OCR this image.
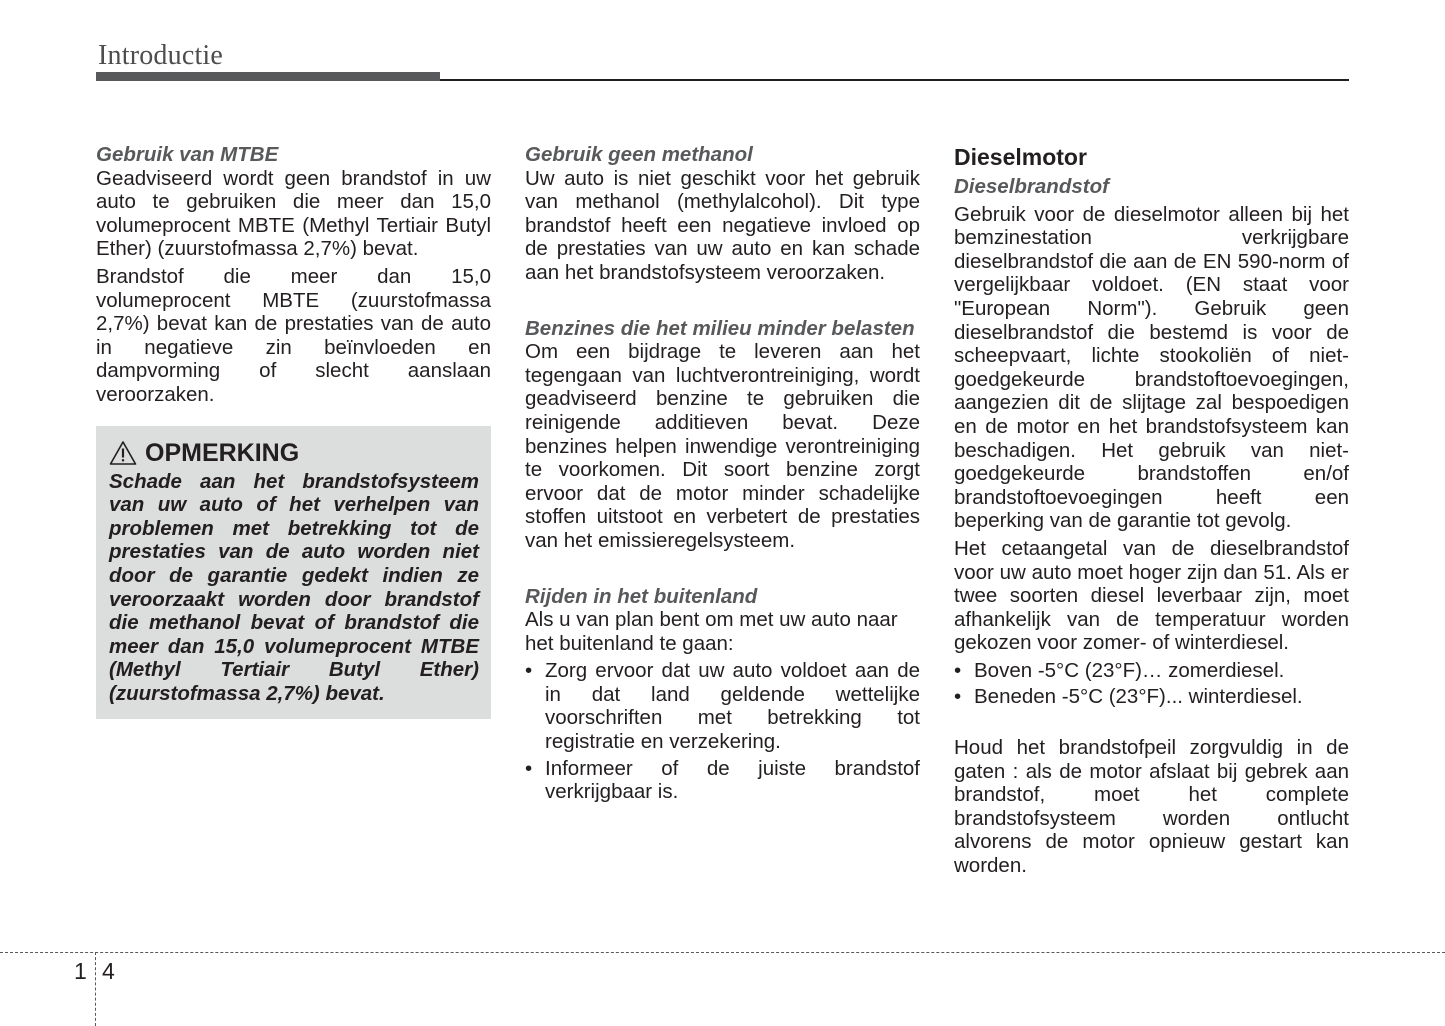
Introductie

Gebruik van MTBE

Geadviseerd wordt geen brandstof in uw auto te gebruiken die meer dan 15,0 volumeprocent MBTE (Methyl Tertiair Butyl Ether) (zuurstofmassa 2,7%) bevat.

Brandstof die meer dan 15,0 volumeprocent MBTE (zuurstofmassa 2,7%) bevat kan de prestaties van de auto in negatieve zin beïnvloeden en dampvorming of slecht aanslaan veroorzaken.

OPMERKING

Schade aan het brandstofsysteem van uw auto of het verhelpen van problemen met betrekking tot de prestaties van de auto worden niet door de garantie gedekt indien ze veroorzaakt worden door brandstof die methanol bevat of brandstof die meer dan 15,0 volumeprocent MTBE (Methyl Tertiair Butyl Ether) (zuurstofmassa 2,7%) bevat.

Gebruik geen methanol

Uw auto is niet geschikt voor het gebruik van methanol (methylalcohol). Dit type brandstof heeft een negatieve invloed op de prestaties van uw auto en kan schade aan het brandstofsysteem veroorzaken.

Benzines die het milieu minder belasten

Om een bijdrage te leveren aan het tegengaan van luchtverontreiniging, wordt geadviseerd benzine te gebruiken die reinigende additieven bevat. Deze benzines helpen inwendige verontreiniging te voorkomen. Dit soort benzine zorgt ervoor dat de motor minder schadelijke stoffen uitstoot en verbetert de prestaties van het emissieregelsysteem.

Rijden in het buitenland

Als u van plan bent om met uw auto naar het buitenland te gaan:

• Zorg ervoor dat uw auto voldoet aan de in dat land geldende wettelijke voorschriften met betrekking tot registratie en verzekering.
• Informeer of de juiste brandstof verkrijgbaar is.

Dieselmotor

Dieselbrandstof

Gebruik voor de dieselmotor alleen bij het bemzinestation verkrijgbare dieselbrandstof die aan de EN 590-norm of vergelijkbaar voldoet. (EN staat voor "European Norm"). Gebruik geen dieselbrandstof die bestemd is voor de scheepvaart, lichte stookoliën of niet-goedgekeurde brandstoftoevoegingen, aangezien dit de slijtage zal bespoedigen en de motor en het brandstofsysteem kan beschadigen. Het gebruik van niet-goedgekeurde brandstoffen en/of brandstoftoevoegingen heeft een beperking van de garantie tot gevolg.

Het cetaangetal van de dieselbrandstof voor uw auto moet hoger zijn dan 51. Als er twee soorten diesel leverbaar zijn, moet afhankelijk van de temperatuur worden gekozen voor zomer- of winterdiesel.

• Boven -5°C (23°F)… zomerdiesel.
• Beneden -5°C (23°F)... winterdiesel.

Houd het brandstofpeil zorgvuldig in de gaten : als de motor afslaat bij gebrek aan brandstof, moet het complete brandstofsysteem worden ontlucht alvorens de motor opnieuw gestart kan worden.

1 4
